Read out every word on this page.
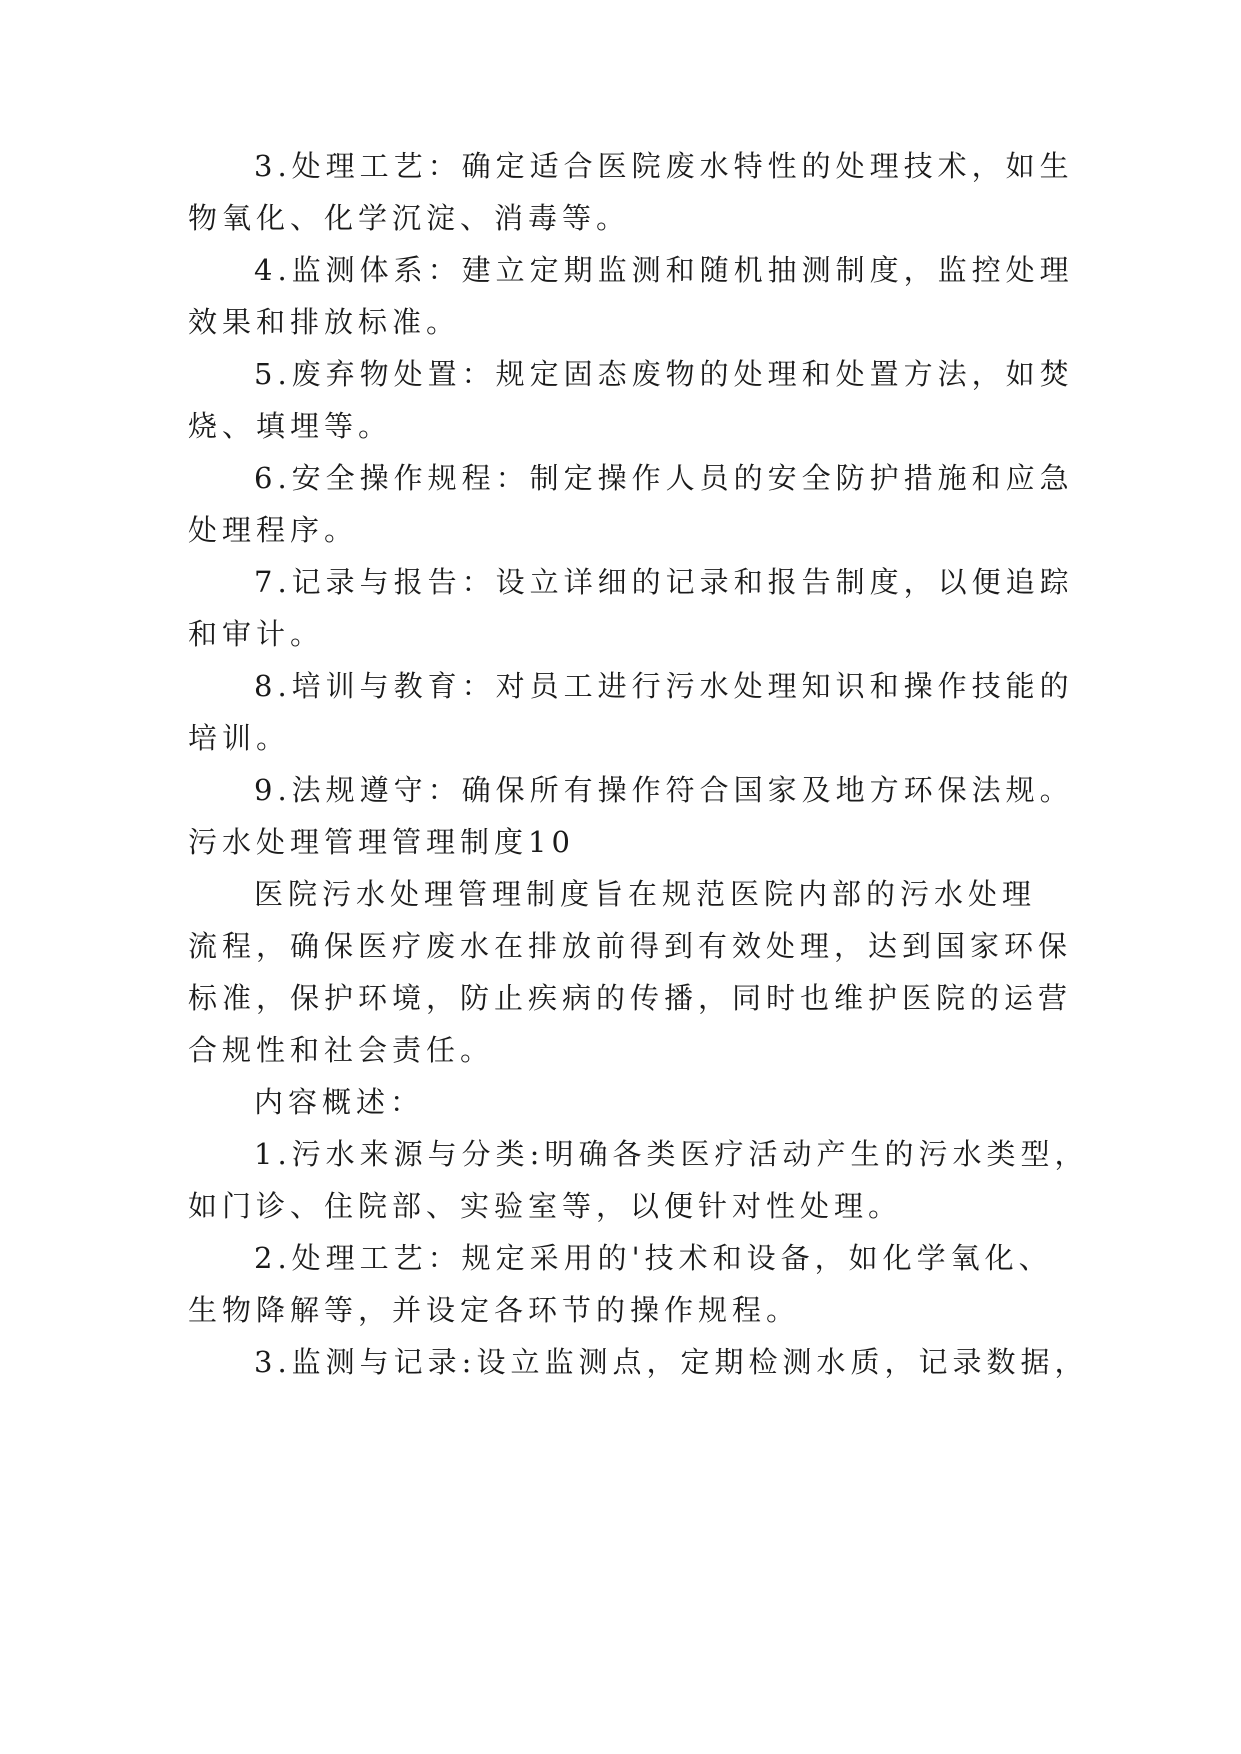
3.处理工艺：确定适合医院废水特性的处理技术，如生
物氧化、化学沉淀、消毒等。
4.监测体系：建立定期监测和随机抽测制度，监控处理
效果和排放标准。
5.废弃物处置：规定固态废物的处理和处置方法，如焚
烧、填埋等。
6.安全操作规程：制定操作人员的安全防护措施和应急
处理程序。
7.记录与报告：设立详细的记录和报告制度，以便追踪
和审计。
8.培训与教育：对员工进行污水处理知识和操作技能的
培训。
9.法规遵守：确保所有操作符合国家及地方环保法规。
污水处理管理管理制度10
医院污水处理管理制度旨在规范医院内部的污水处理
流程，确保医疗废水在排放前得到有效处理，达到国家环保
标准，保护环境，防止疾病的传播，同时也维护医院的运营
合规性和社会责任。
内容概述：
1.污水来源与分类:明确各类医疗活动产生的污水类型，
如门诊、住院部、实验室等，以便针对性处理。
2.处理工艺：规定采用的'技术和设备，如化学氧化、
生物降解等，并设定各环节的操作规程。
3.监测与记录:设立监测点，定期检测水质，记录数据，
